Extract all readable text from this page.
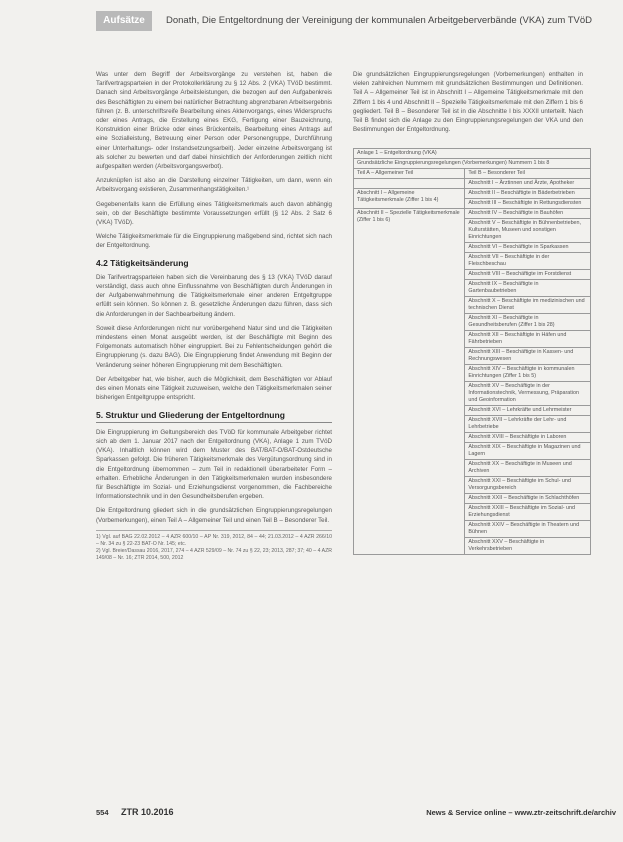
Aufsätze	Donath, Die Entgeltordnung der Vereinigung der kommunalen Arbeitgeberverbände (VKA) zum TVöD

Was unter dem Begriff der Arbeitsvorgänge zu verstehen ist, haben die Tarifvertragsparteien in der Protokollerklärung zu § 12 Abs. 2 (VKA) TVöD bestimmt. Danach sind Arbeitsvorgänge Arbeitsleistungen, die bezogen auf den Aufgabenkreis des Beschäftigten zu einem bei natürlicher Betrachtung abgrenzbaren Arbeitsergebnis führen (z. B. unterschriftsreife Bearbeitung eines Aktenvorgangs, eines Widerspruchs oder eines Antrags, die Erstellung eines EKG, Fertigung einer Bauzeichnung, Konstruktion einer Brücke oder eines Brückenteils, Bearbeitung eines Antrags auf eine Sozialleistung, Betreuung einer Person oder Personengruppe, Durchführung einer Unterhaltungs- oder Instandsetzungsarbeit). Jeder einzelne Arbeitsvorgang ist als solcher zu bewerten und darf dabei hinsichtlich der Anforderungen zeitlich nicht aufgespalten werden (Arbeitsvorgangsverbot).

Anzuknüpfen ist also an die Darstellung einzelner Tätigkeiten, um dann, wenn ein Arbeitsvorgang existieren, Zusammenhangstätigkeiten.¹

Gegebenenfalls kann die Erfüllung eines Tätigkeitsmerkmals auch davon abhängig sein, ob der Beschäftigte bestimmte Voraussetzungen erfüllt (§ 12 Abs. 2 Satz 6 (VKA) TVöD).

Welche Tätigkeitsmerkmale für die Eingruppierung maßgebend sind, richtet sich nach der Entgeltordnung.

4.2 Tätigkeitsänderung

Die Tarifvertragsparteien haben sich die Vereinbarung des § 13 (VKA) TVöD darauf verständigt, dass auch ohne Einflussnahme von Beschäftigten durch Änderungen in der Aufgabenwahrnehmung die Tätigkeitsmerkmale einer anderen Entgeltgruppe erfüllt sein können. So können z. B. gesetzliche Änderungen dazu führen, dass sich die Anforderungen in der Sachbearbeitung ändern.

Soweit diese Anforderungen nicht nur vorübergehend Natur sind und die Tätigkeiten mindestens einen Monat ausgeübt werden, ist der Beschäftigte mit Beginn des Folgemonats automatisch höher eingruppiert. Bei zu Fehlentscheidungen gehört die Eingruppierung (s. dazu BAG). Die Eingruppierung findet Anwendung mit Beginn der Veränderung seiner höheren Eingruppierung mit dem Beschäftigten.

Der Arbeitgeber hat, wie bisher, auch die Möglichkeit, dem Beschäftigten vor Ablauf des einen Monats eine Tätigkeit zuzuweisen, welche den Tätigkeitsmerkmalen seiner bisherigen Entgeltgruppe entspricht.

5. Struktur und Gliederung der Entgeltordnung

Die Eingruppierung im Geltungsbereich des TVöD für kommunale Arbeitgeber richtet sich ab dem 1. Januar 2017 nach der Entgeltordnung (VKA), Anlage 1 zum TVöD (VKA). Inhaltlich können wird dem Muster des BAT/BAT-O/BAT-Ostdeutsche Sparkassen gefolgt. Die früheren Tätigkeitsmerkmale des Vergütungsordnung sind in die Entgeltordnung übernommen – zum Teil in redaktionell überarbeiteter Form – erhalten. Erhebliche Änderungen in den Tätigkeitsmerkmalen wurden insbesondere für Beschäftigte im Sozial- und Erziehungsdienst vorgenommen, die Fachbereiche Informationstechnik und in den Gesundheitsberufen ergeben.

Die Entgeltordnung gliedert sich in die grundsätzlichen Eingruppierungsregelungen (Vorbemerkungen), einen Teil A – Allgemeiner Teil und einen Teil B – Besonderer Teil.

1) Vgl. auf BAG 22.02.2012 – 4 AZR 600/10 – AP Nr. 319, 2012, 84 – 44; 21.03.2012 – 4 AZR 266/10 – Nr. 34 zu § 22-23 BAT-O Nr. 145; etc.
2) Vgl. Breier/Dassau 2016, 2017, 274 – 4 AZR 529/09 – Nr. 74 zu § 22, 23; 2013, 287; 37; 40 – 4 AZR 149/08 – Nr. 16; ZTR 2014, 500, 2012

Die grundsätzlichen Eingruppierungsregelungen (Vorbemerkungen) enthalten in vielen zahlreichen Nummern mit grundsätzlichen Bestimmungen und Definitionen. Teil A – Allgemeiner Teil ist in Abschnitt I – Allgemeine Tätigkeitsmerkmale mit den Ziffern 1 bis 4 und Abschnitt II – Spezielle Tätigkeitsmerkmale mit den Ziffern 1 bis 6 gegliedert. Teil B – Besonderer Teil ist in die Abschnitte I bis XXXII unterteilt. Nach Teil B findet sich die Anlage zu den Eingruppierungsregelungen der VKA und den Bestimmungen der Entgeltordnung.

Anlage 1 – Entgeltordnung (VKA)	
Grundsätzliche Eingruppierungsregelungen (Vorbemerkungen) Nummern 1 bis 8	
Teil A – Allgemeiner Teil	Teil B – Besonderer Teil
	Abschnitt I – Ärztinnen und Ärzte, Apotheker
Abschnitt I – Allgemeine Tätigkeitsmerkmale (Ziffer 1 bis 4)	Abschnitt II – Beschäftigte in Bäderbetrieben
	Abschnitt III – Beschäftigte in Rettungsdiensten
Abschnitt II – Spezielle Tätigkeitsmerkmale (Ziffer 1 bis 6)	Abschnitt IV – Beschäftigte in Bauhöfen
	Abschnitt V – Beschäftigte in Bühnenbetrieben, Kulturstätten, Museen und sonstigen Einrichtungen
	Abschnitt VI – Beschäftigte in Sparkassen
	Abschnitt VII – Beschäftigte in der Fleischbeschau
	Abschnitt VIII – Beschäftigte im Forstdienst
	Abschnitt IX – Beschäftigte in Gartenbaubetrieben
	Abschnitt X – Beschäftigte im medizinischen und technischen Dienst
	Abschnitt XI – Beschäftigte in Gesundheitsberufen (Ziffer 1 bis 28)
	Abschnitt XII – Beschäftigte in Häfen und Fährbetrieben
	Abschnitt XIII – Beschäftigte in Kassen- und Rechnungswesen
	Abschnitt XIV – Beschäftigte in kommunalen Einrichtungen (Ziffer 1 bis 5)
	Abschnitt XV – Beschäftigte in der Informationstechnik, Vermessung, Präparation und Geoinformation
	Abschnitt XVI – Lehrkräfte und Lehrmeister
	Abschnitt XVII – Lehrkräfte der Lehr- und Lehrbetriebe
	Abschnitt XVIII – Beschäftigte in Laboren
	Abschnitt XIX – Beschäftigte in Magazinen und Lagern
	Abschnitt XX – Beschäftigte in Museen und Archiven
	Abschnitt XXI – Beschäftigte im Schul- und Versorgungsbereich
	Abschnitt XXII – Beschäftigte in Schlachthöfen
	Abschnitt XXIII – Beschäftigte im Sozial- und Erziehungsdienst
	Abschnitt XXIV – Beschäftigte in Theatern und Bühnen
	Abschnitt XXV – Beschäftigte in Verkehrsbetrieben
554 ZTR 10.2016	News & Service online – www.ztr-zeitschrift.de/archiv
